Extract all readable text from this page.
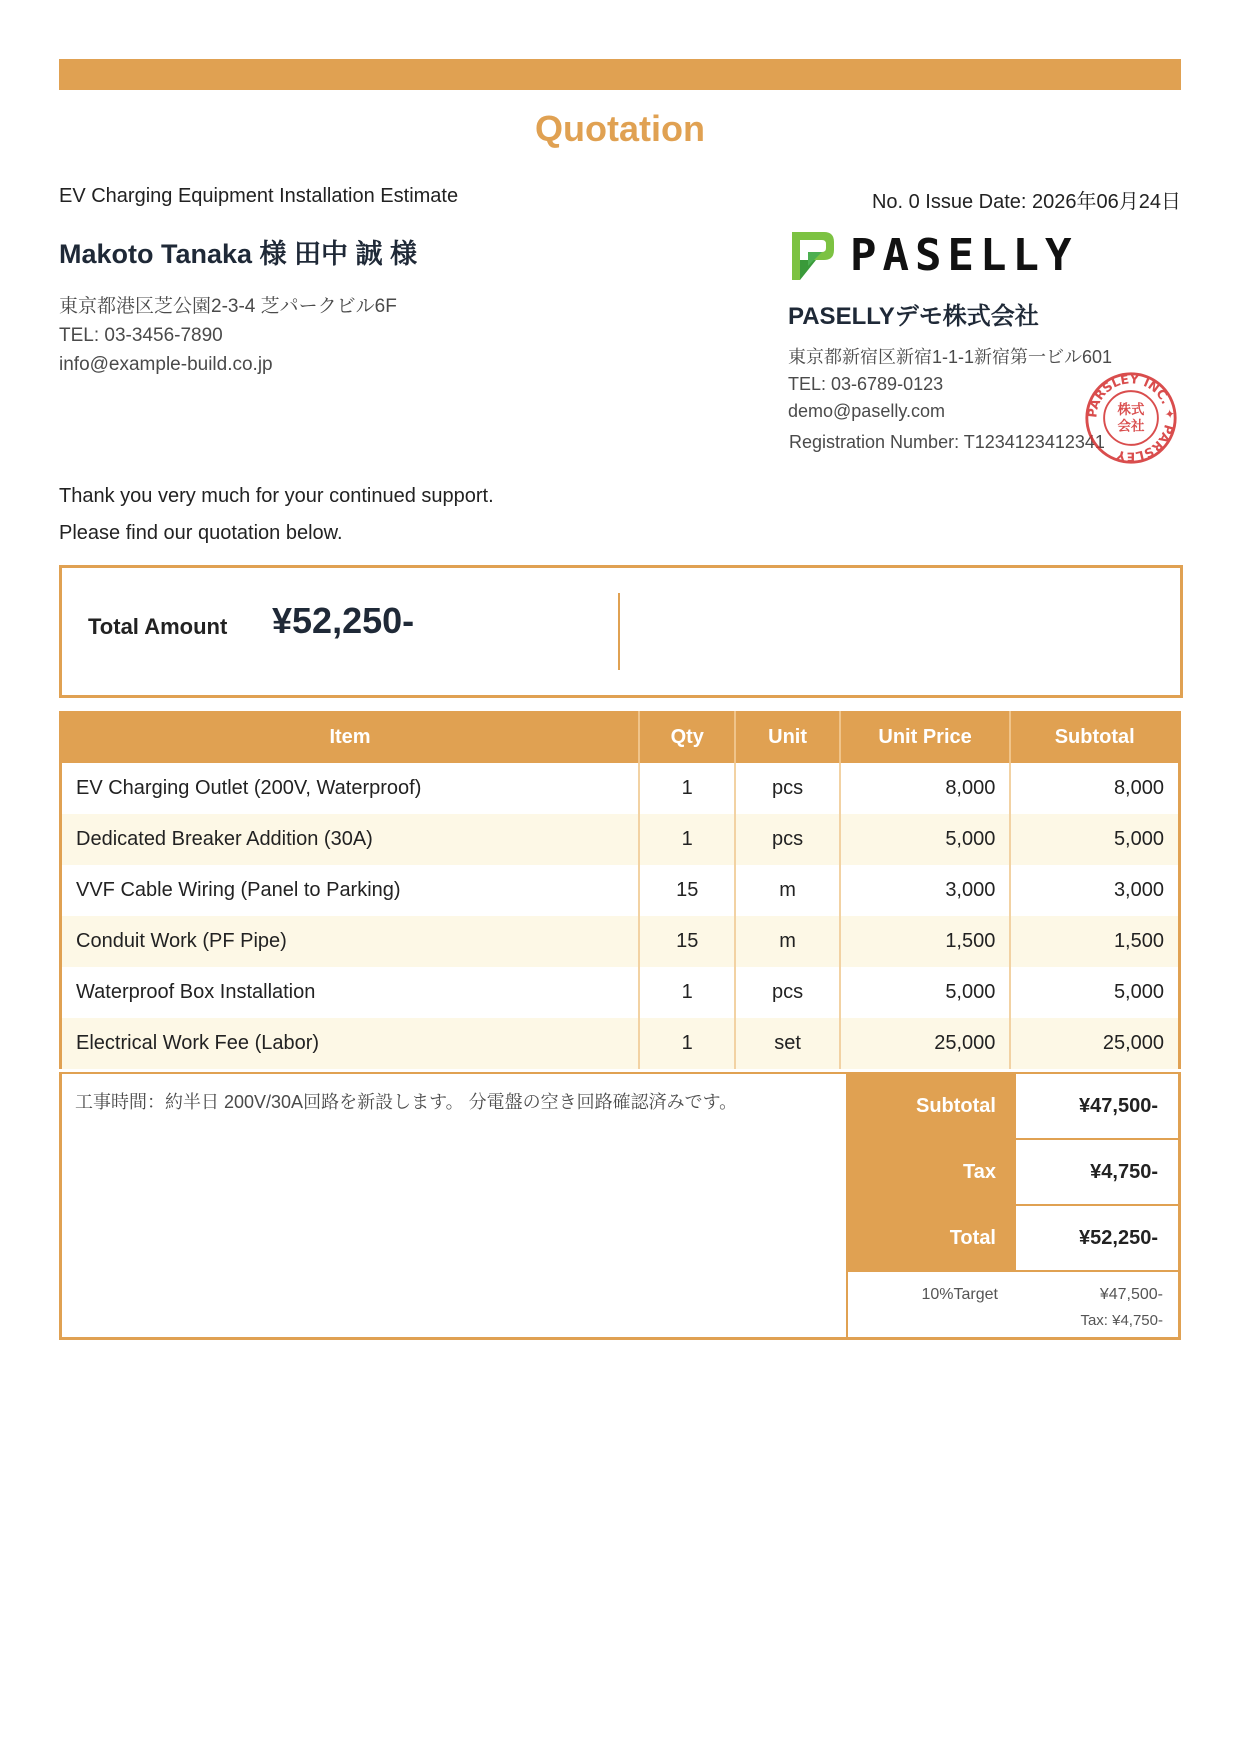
Quotation
EV Charging Equipment Installation Estimate	No. 0 Issue Date: 2026年06月24日
Makoto Tanaka 様 田中 誠 様
東京都港区芝公園2-3-4 芝パークビル6F
TEL: 03-3456-7890
info@example-build.co.jp
PASELLY
PASELLYデモ株式会社
東京都新宿区新宿1-1-1新宿第一ビル601
TEL: 03-6789-0123
demo@paselly.com
Registration Number: T1234123412341
PARSLEY INC. ✦ PARSLEY
株式
会社
Thank you very much for your continued support.
Please find our quotation below.
Total Amount ¥52,250-
Item	Qty	Unit	Unit Price	Subtotal
EV Charging Outlet (200V, Waterproof)	1	pcs	8,000	8,000
Dedicated Breaker Addition (30A)	1	pcs	5,000	5,000
VVF Cable Wiring (Panel to Parking)	15	m	3,000	3,000
Conduit Work (PF Pipe)	15	m	1,500	1,500
Waterproof Box Installation	1	pcs	5,000	5,000
Electrical Work Fee (Labor)	1	set	25,000	25,000
工事時間：約半日 200V/30A回路を新設します。 分電盤の空き回路確認済みです。	Subtotal	¥47,500-
Tax	¥4,750-
Total	¥52,250-
10%Target	¥47,500-
Tax: ¥4,750-
